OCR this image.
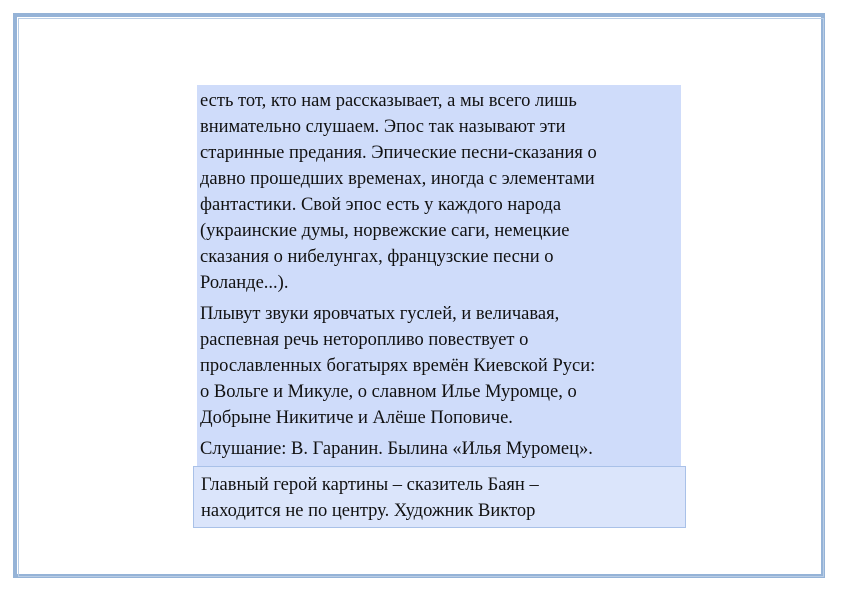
есть тот, кто нам рассказывает, а мы всего лишь
внимательно слушаем. Эпос так называют эти
старинные предания. Эпические песни-сказания о
давно прошедших временах, иногда с элементами
фантастики. Свой эпос есть у каждого народа
(украинские думы, норвежские саги, немецкие
сказания о нибелунгах, французские песни о
Роланде...).

Плывут звуки яровчатых гуслей, и величавая,
распевная речь неторопливо повествует о
прославленных богатырях времён Киевской Руси:
о Вольге и Микуле, о славном Илье Муромце, о
Добрыне Никитиче и Алёше Поповиче.

Слушание: В. Гаранин. Былина «Илья Муромец».

Главный герой картины – сказитель Баян –
находится не по центру. Художник Виктор
